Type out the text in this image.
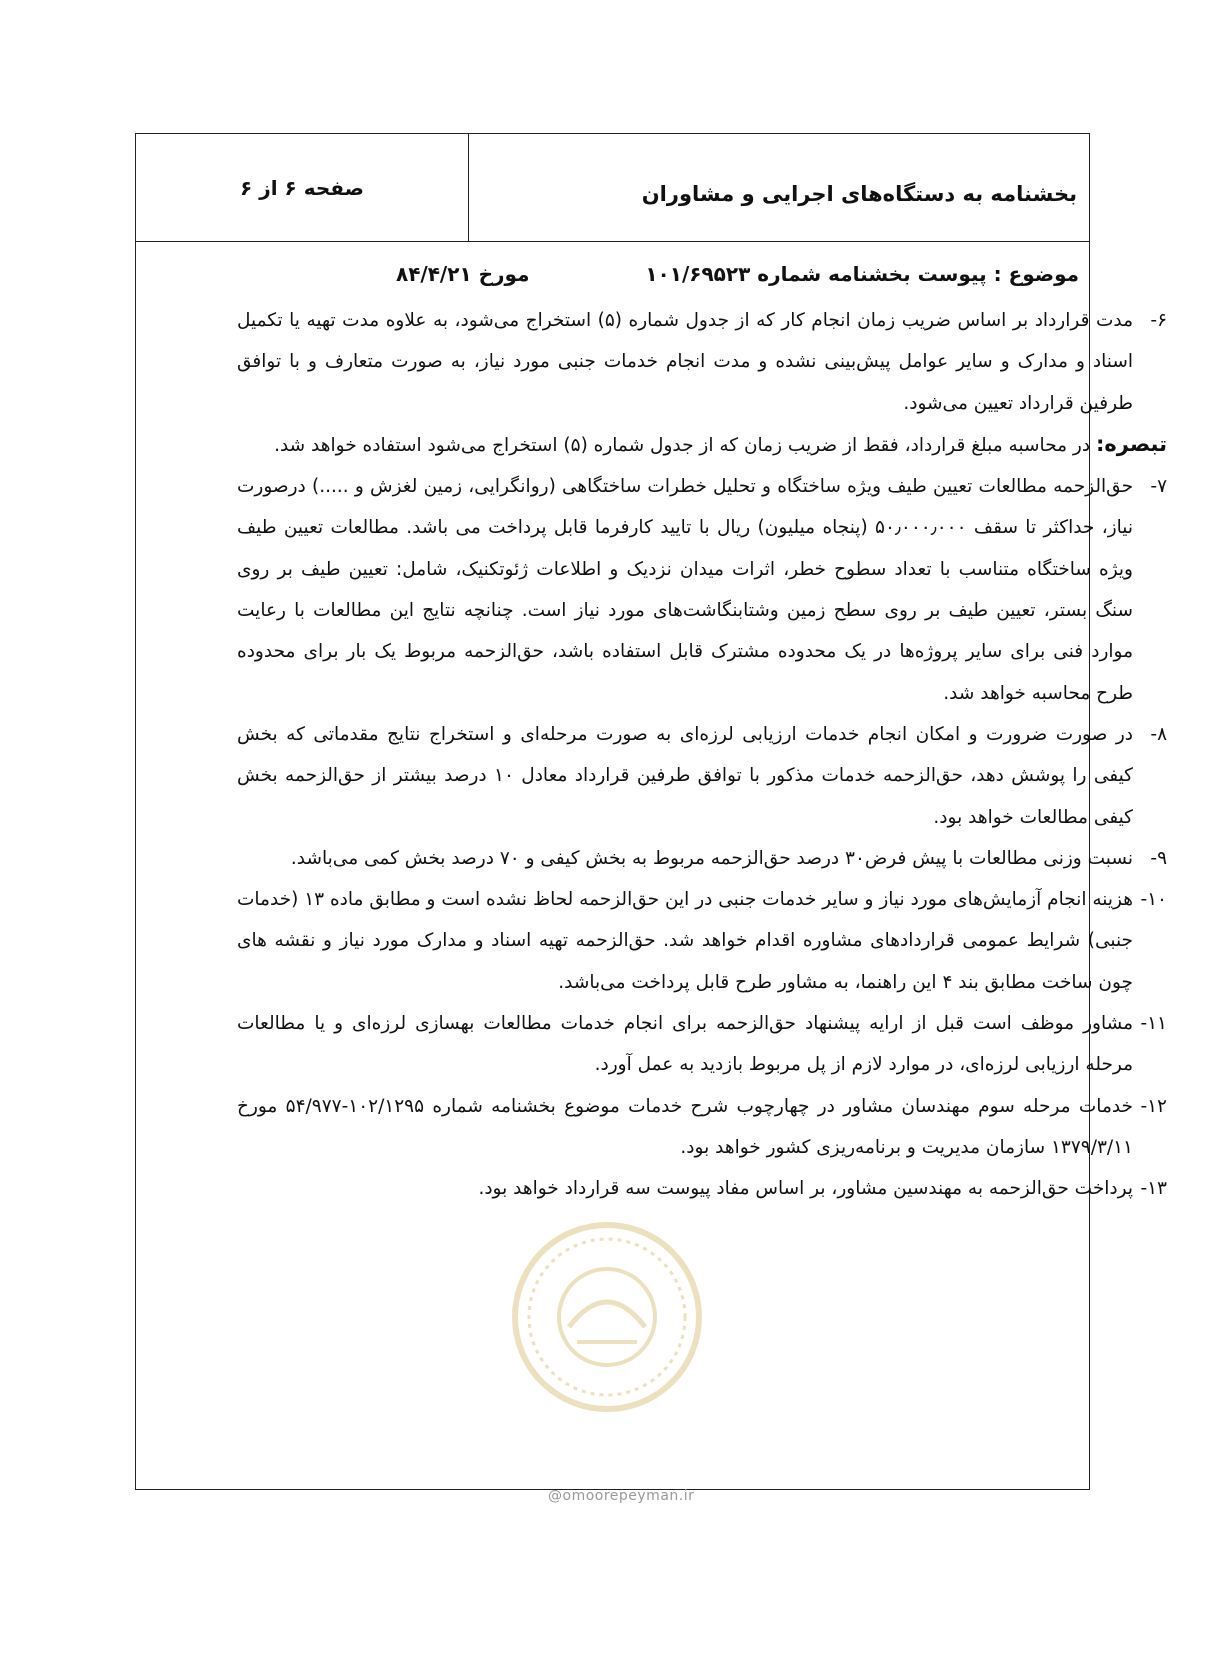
صفحه ۶ از ۶	بخشنامه به دستگاه‌های اجرایی و مشاوران
موضوع : پیوست بخشنامه شماره ۱۰۱/۶۹۵۲۳
مورخ ۸۴/۴/۲۱

۶-
مدت قرارداد بر اساس ضریب زمان انجام کار که از جدول شماره (۵) استخراج می‌شود، به علاوه مدت تهیه یا تکمیل اسناد و مدارک و سایر عوامل پیش‌بینی نشده و مدت انجام خدمات جنبی مورد نیاز، به صورت متعارف و با توافق طرفین قرارداد تعیین می‌شود.

تبصره: در محاسبه مبلغ قرارداد، فقط از ضریب زمان که از جدول شماره (۵) استخراج می‌شود استفاده خواهد شد.

۷-
حق‌الزحمه مطالعات تعیین طیف ویژه ساختگاه و تحلیل خطرات ساختگاهی (روانگرایی، زمین لغزش و .....) درصورت نیاز، حداکثر تا سقف ۵۰٫۰۰۰٫۰۰۰ (پنجاه میلیون) ریال با تایید کارفرما قابل پرداخت می باشد. مطالعات تعیین طیف ویژه ساختگاه متناسب با تعداد سطوح خطر، اثرات میدان نزدیک و اطلاعات ژئوتکنیک، شامل: تعیین طیف بر روی سنگ بستر، تعیین طیف بر روی سطح زمین وشتابنگاشت‌های مورد نیاز است. چنانچه نتایج این مطالعات با رعایت موارد فنی برای سایر پروژه‌ها در یک محدوده مشترک قابل استفاده باشد، حق‌الزحمه مربوط یک بار برای محدوده طرح محاسبه خواهد شد.

۸-
در صورت ضرورت و امکان انجام خدمات ارزیابی لرزه‌ای به صورت مرحله‌ای و استخراج نتایج مقدماتی که بخش کیفی را پوشش دهد، حق‌الزحمه خدمات مذکور با توافق طرفین قرارداد معادل ۱۰ درصد بیشتر از حق‌الزحمه بخش کیفی مطالعات خواهد بود.

۹-
نسبت وزنی مطالعات با پیش فرض۳۰ درصد حق‌الزحمه مربوط به بخش کیفی و ۷۰ درصد بخش کمی می‌باشد.

۱۰-
هزینه انجام آزمایش‌های مورد نیاز و سایر خدمات جنبی در این حق‌الزحمه لحاظ نشده است و مطابق ماده ۱۳ (خدمات جنبی) شرایط عمومی قراردادهای مشاوره اقدام خواهد شد. حق‌الزحمه تهیه اسناد و مدارک مورد نیاز و نقشه های چون ساخت مطابق بند ۴ این راهنما، به مشاور طرح قابل پرداخت می‌باشد.

۱۱-
مشاور موظف است قبل از ارایه پیشنهاد حق‌الزحمه برای انجام خدمات مطالعات بهسازی لرزه‌ای و یا مطالعات مرحله ارزیابی لرزه‌ای، در موارد لازم از پل مربوط بازدید به عمل آورد.

۱۲-
خدمات مرحله سوم مهندسان مشاور در چهارچوب شرح خدمات موضوع بخشنامه شماره ۱۰۲/۱۲۹۵-۵۴/۹۷۷ مورخ ۱۳۷۹/۳/۱۱ سازمان مدیریت و برنامه‌ریزی کشور خواهد بود.

۱۳-
پرداخت حق‌الزحمه به مهندسین مشاور، بر اساس مفاد پیوست سه قرارداد خواهد بود.

@omoorepeyman.ir
